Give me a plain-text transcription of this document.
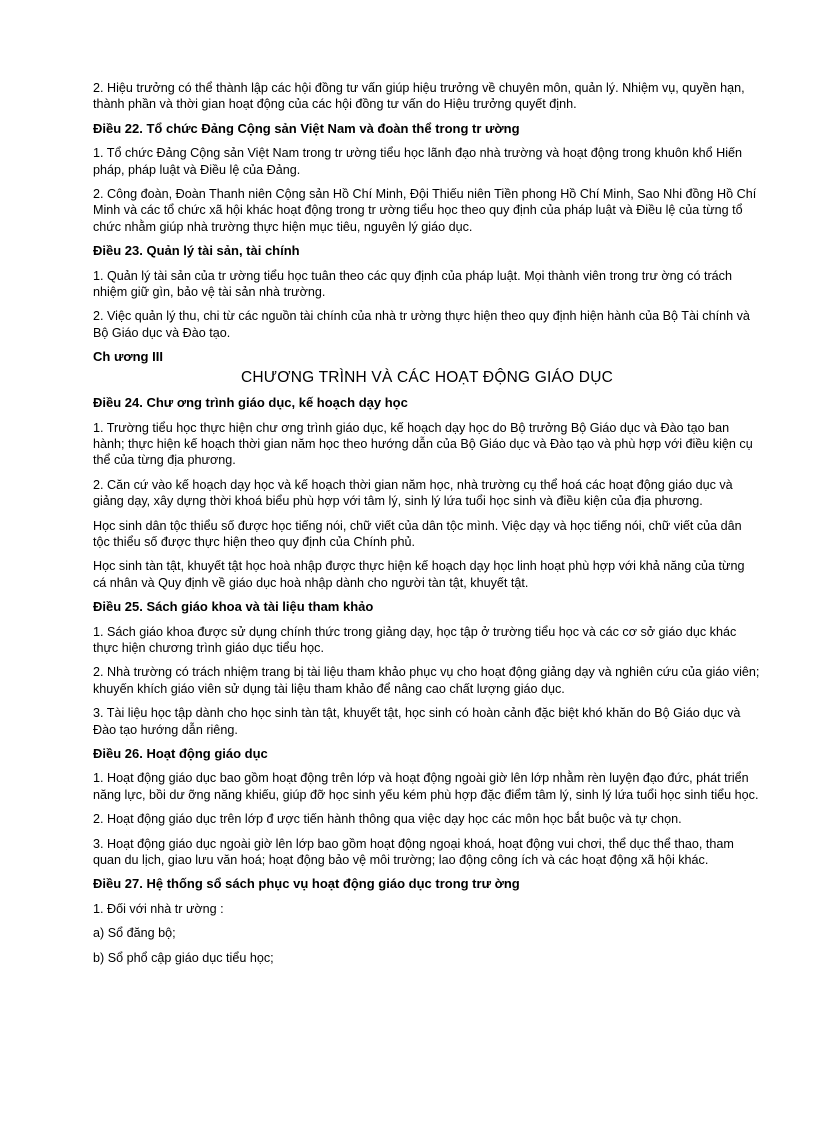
2. Hiệu trưởng có thể thành lập các hội đồng tư vấn giúp hiệu trưởng về chuyên môn, quản lý. Nhiệm vụ, quyền hạn, thành phần và thời gian hoạt động của các hội đồng tư vấn do Hiệu trưởng quyết định.

Điều 22. Tổ chức Đảng Cộng sản Việt Nam và đoàn thể trong tr ường

1. Tổ chức Đảng Cộng sản Việt Nam trong tr ường tiểu học lãnh đạo nhà trường và hoạt động trong khuôn khổ Hiến pháp, pháp luật và Điều lệ của Đảng.

2. Công đoàn, Đoàn Thanh niên Cộng sản Hồ Chí Minh, Đội Thiếu niên Tiền phong Hồ Chí Minh, Sao Nhi đồng Hồ Chí Minh và các tổ chức xã hội khác hoạt động trong tr ường tiểu học theo quy định của pháp luật và Điều lệ của từng tổ chức nhằm giúp nhà trường thực hiện mục tiêu, nguyên lý giáo dục.

Điều 23. Quản lý tài sản, tài chính

1. Quản lý tài sản của tr ường tiểu học tuân theo các quy định của pháp luật. Mọi thành viên trong trư ờng có trách nhiệm giữ gìn, bảo vệ tài sản nhà trường.

2. Việc quản lý thu, chi từ các nguồn tài chính của nhà tr ường thực hiện theo quy định hiện hành của Bộ Tài chính và Bộ Giáo dục và Đào tạo.

Ch ương III

CHƯƠNG TRÌNH VÀ CÁC HOẠT ĐỘNG GIÁO DỤC

Điều 24. Chư ơng trình giáo dục, kế hoạch dạy học

1. Trường tiểu học thực hiện chư ơng trình giáo dục, kế hoạch dạy học do Bộ trưởng Bộ Giáo dục và Đào tạo ban hành; thực hiện kế hoạch thời gian năm học theo hướng dẫn của Bộ Giáo dục và Đào tạo và phù hợp với điều kiện cụ thể của từng địa phương.

2. Căn cứ vào kế hoạch dạy học và kế hoạch thời gian năm học, nhà trường cụ thể hoá các hoạt động giáo dục và giảng dạy, xây dựng thời khoá biểu phù hợp với tâm lý, sinh lý lứa tuổi học sinh và điều kiện của địa phương.

Học sinh dân tộc thiểu số được học tiếng nói, chữ viết của dân tộc mình. Việc dạy và học tiếng nói, chữ viết của dân tộc thiểu số được thực hiện theo quy định của Chính phủ.

Học sinh tàn tật, khuyết tật học hoà nhập được thực hiện kế hoạch dạy học linh hoạt phù hợp với khả năng của từng cá nhân và Quy định về giáo dục hoà nhập dành cho người tàn tật, khuyết tật.

Điều 25. Sách giáo khoa và tài liệu tham khảo

1. Sách giáo khoa được sử dụng chính thức trong giảng dạy, học tập ở trường tiểu học và các cơ sở giáo dục khác thực hiện chương trình giáo dục tiểu học.

2. Nhà trường có trách nhiệm trang bị tài liệu tham khảo phục vụ cho hoạt động giảng dạy và nghiên cứu của giáo viên; khuyến khích giáo viên sử dụng tài liệu tham khảo để nâng cao chất lượng giáo dục.

3. Tài liệu học tập dành cho học sinh tàn tật, khuyết tật, học sinh có hoàn cảnh đặc biệt khó khăn do Bộ Giáo dục và Đào tạo hướng dẫn riêng.

Điều 26. Hoạt động giáo dục

1. Hoạt động giáo dục bao gồm hoạt động trên lớp và hoạt động ngoài giờ lên lớp nhằm rèn luyện đạo đức, phát triển năng lực, bồi dư ỡng năng khiếu, giúp đỡ học sinh yếu kém phù hợp đặc điểm tâm lý, sinh lý lứa tuổi học sinh tiểu học.

2. Hoạt động giáo dục trên lớp đ ược tiến hành thông qua việc dạy học các môn học bắt buộc và tự chọn.

3. Hoạt động giáo dục ngoài giờ lên lớp bao gồm hoạt động ngoại khoá, hoạt động vui chơi, thể dục thể thao, tham quan du lịch, giao lưu văn hoá; hoạt động bảo vệ môi trường; lao động công ích và các hoạt động xã hội khác.

Điều 27. Hệ thống sổ sách phục vụ hoạt động giáo dục trong trư ờng

1. Đối với nhà tr ường :

a) Sổ đăng bộ;

b) Sổ phổ cập giáo dục tiểu học;
